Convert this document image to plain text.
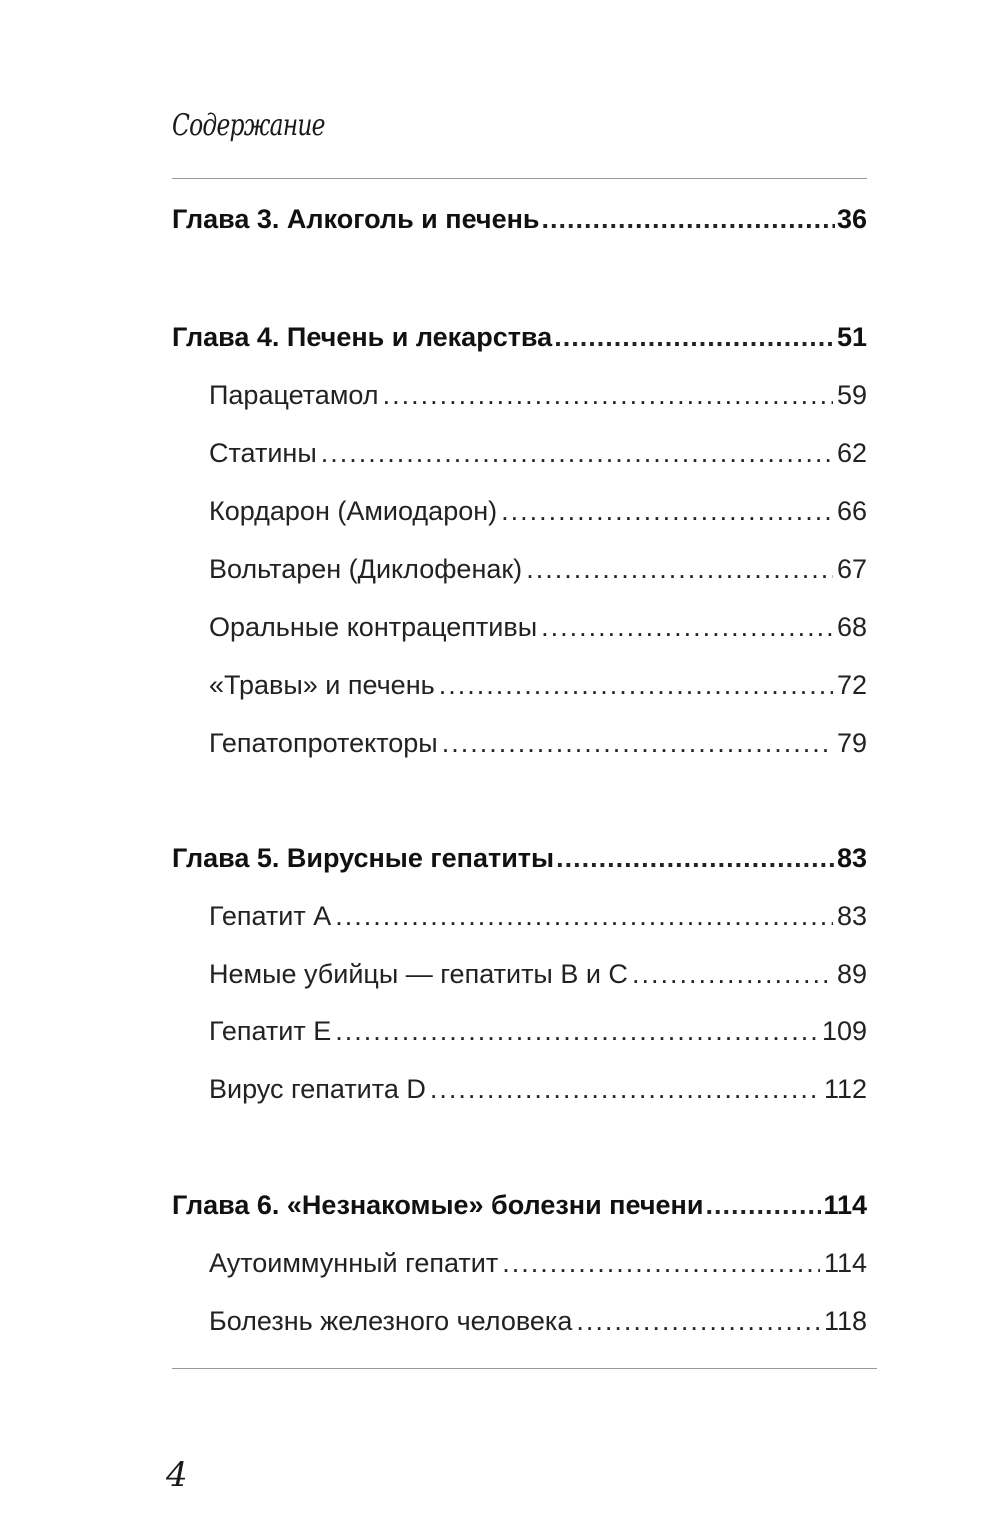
Содержание
Глава 3. Алкоголь и печень .....	36
Глава 4. Печень и лекарства .....	51
Парацетамол .....	59
Статины .....	62
Кордарон (Амиодарон) .....	66
Вольтарен (Диклофенак) .....	67
Оральные контрацептивы .....	68
«Травы» и печень .....	72
Гепатопротекторы .....	79
Глава 5. Вирусные гепатиты .....	83
Гепатит А .....	83
Немые убийцы — гепатиты В и С .....	89
Гепатит Е .....	109
Вирус гепатита D .....	112
Глава 6. «Незнакомые» болезни печени .....	114
Аутоиммунный гепатит .....	114
Болезнь железного человека .....	118
4
